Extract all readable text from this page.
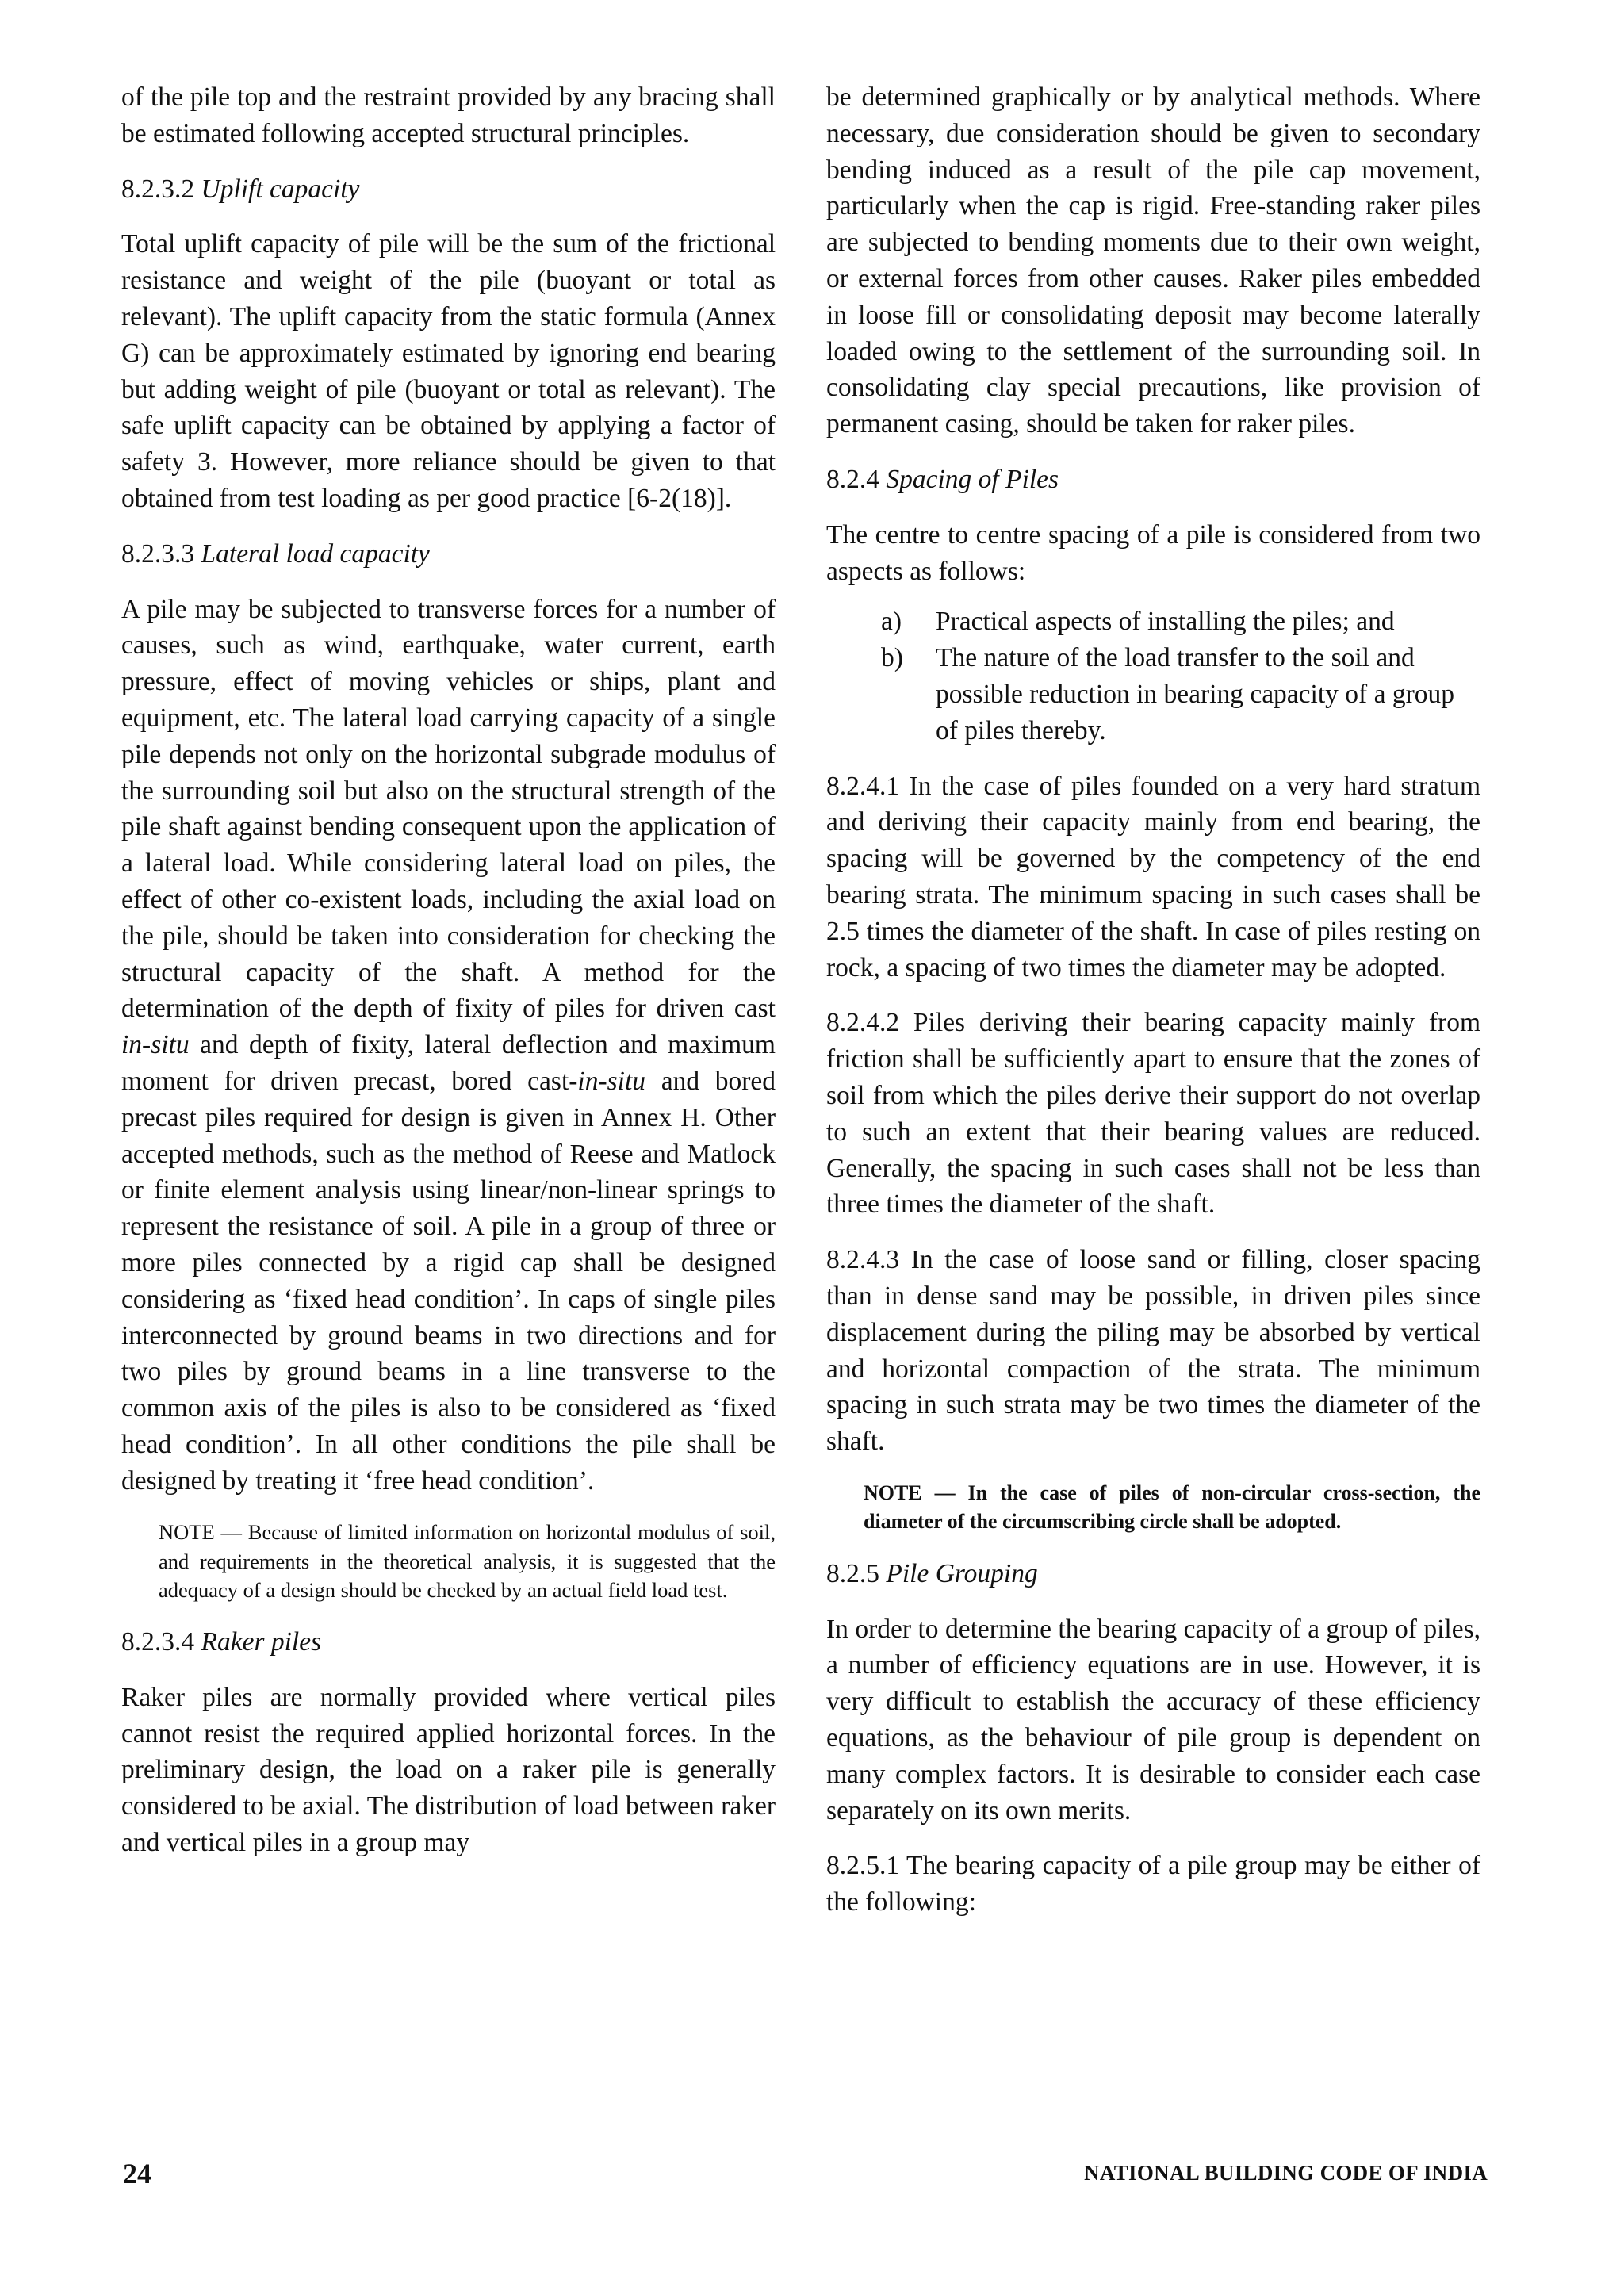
of the pile top and the restraint provided by any bracing shall be estimated following accepted structural principles.

8.2.3.2 Uplift capacity

Total uplift capacity of pile will be the sum of the frictional resistance and weight of the pile (buoyant or total as relevant). The uplift capacity from the static formula (Annex G) can be approximately estimated by ignoring end bearing but adding weight of pile (buoyant or total as relevant). The safe uplift capacity can be obtained by applying a factor of safety 3. However, more reliance should be given to that obtained from test loading as per good practice [6-2(18)].

8.2.3.3 Lateral load capacity

A pile may be subjected to transverse forces for a number of causes, such as wind, earthquake, water current, earth pressure, effect of moving vehicles or ships, plant and equipment, etc. The lateral load carrying capacity of a single pile depends not only on the horizontal subgrade modulus of the surrounding soil but also on the structural strength of the pile shaft against bending consequent upon the application of a lateral load. While considering lateral load on piles, the effect of other co-existent loads, including the axial load on the pile, should be taken into consideration for checking the structural capacity of the shaft. A method for the determination of the depth of fixity of piles for driven cast in-situ and depth of fixity, lateral deflection and maximum moment for driven precast, bored cast-in-situ and bored precast piles required for design is given in Annex H. Other accepted methods, such as the method of Reese and Matlock or finite element analysis using linear/non-linear springs to represent the resistance of soil. A pile in a group of three or more piles connected by a rigid cap shall be designed considering as ‘fixed head condition’. In caps of single piles interconnected by ground beams in two directions and for two piles by ground beams in a line transverse to the common axis of the piles is also to be considered as ‘fixed head condition’. In all other conditions the pile shall be designed by treating it ‘free head condition’.

NOTE — Because of limited information on horizontal modulus of soil, and requirements in the theoretical analysis, it is suggested that the adequacy of a design should be checked by an actual field load test.

8.2.3.4 Raker piles

Raker piles are normally provided where vertical piles cannot resist the required applied horizontal forces. In the preliminary design, the load on a raker pile is generally considered to be axial. The distribution of load between raker and vertical piles in a group may

be determined graphically or by analytical methods. Where necessary, due consideration should be given to secondary bending induced as a result of the pile cap movement, particularly when the cap is rigid. Free-standing raker piles are subjected to bending moments due to their own weight, or external forces from other causes. Raker piles embedded in loose fill or consolidating deposit may become laterally loaded owing to the settlement of the surrounding soil. In consolidating clay special precautions, like provision of permanent casing, should be taken for raker piles.

8.2.4 Spacing of Piles

The centre to centre spacing of a pile is considered from two aspects as follows:

a) Practical aspects of installing the piles; and
b) The nature of the load transfer to the soil and possible reduction in bearing capacity of a group of piles thereby.

8.2.4.1 In the case of piles founded on a very hard stratum and deriving their capacity mainly from end bearing, the spacing will be governed by the competency of the end bearing strata. The minimum spacing in such cases shall be 2.5 times the diameter of the shaft. In case of piles resting on rock, a spacing of two times the diameter may be adopted.

8.2.4.2 Piles deriving their bearing capacity mainly from friction shall be sufficiently apart to ensure that the zones of soil from which the piles derive their support do not overlap to such an extent that their bearing values are reduced. Generally, the spacing in such cases shall not be less than three times the diameter of the shaft.

8.2.4.3 In the case of loose sand or filling, closer spacing than in dense sand may be possible, in driven piles since displacement during the piling may be absorbed by vertical and horizontal compaction of the strata. The minimum spacing in such strata may be two times the diameter of the shaft.

NOTE — In the case of piles of non-circular cross-section, the diameter of the circumscribing circle shall be adopted.

8.2.5 Pile Grouping

In order to determine the bearing capacity of a group of piles, a number of efficiency equations are in use. However, it is very difficult to establish the accuracy of these efficiency equations, as the behaviour of pile group is dependent on many complex factors. It is desirable to consider each case separately on its own merits.

8.2.5.1 The bearing capacity of a pile group may be either of the following:

24	NATIONAL BUILDING CODE OF INDIA
